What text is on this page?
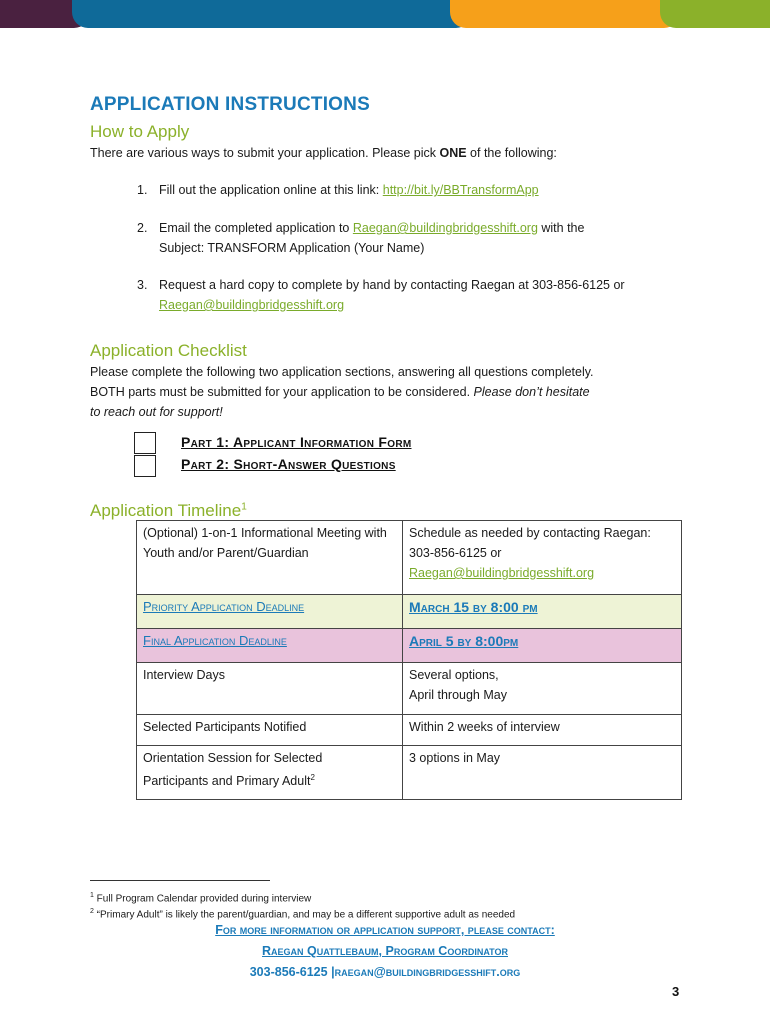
APPLICATION INSTRUCTIONS
How to Apply
There are various ways to submit your application. Please pick ONE of the following:
1. Fill out the application online at this link: http://bit.ly/BBTransformApp
2. Email the completed application to Raegan@buildingbridgesshift.org with the
Subject: TRANSFORM Application (Your Name)
3. Request a hard copy to complete by hand by contacting Raegan at 303-856-6125 or
Raegan@buildingbridgesshift.org
Application Checklist
Please complete the following two application sections, answering all questions completely.
BOTH parts must be submitted for your application to be considered. Please don’t hesitate
to reach out for support!
Part 1: Applicant Information Form
Part 2: Short-Answer Questions
Application Timeline$^1$
(Optional) 1-on-1 Informational Meeting with Youth and/or Parent/Guardian	Schedule as needed by contacting Raegan: 303-856-6125 or
Raegan@buildingbridgesshift.org
Priority Application Deadline	March 15 by 8:00 pm
Final Application Deadline	April 5 by 8:00pm
Interview Days	Several options,
April through May
Selected Participants Notified	Within 2 weeks of interview
Orientation Session for Selected
Participants and Primary Adult$^2$	3 options in May
$^1$ Full Program Calendar provided during interview
$^2$ “Primary Adult” is likely the parent/guardian, and may be a different supportive adult as needed
For more information or application support, please contact:
Raegan Quattlebaum, Program Coordinator
303-856-6125 |raegan@buildingbridgesshift.org
3
